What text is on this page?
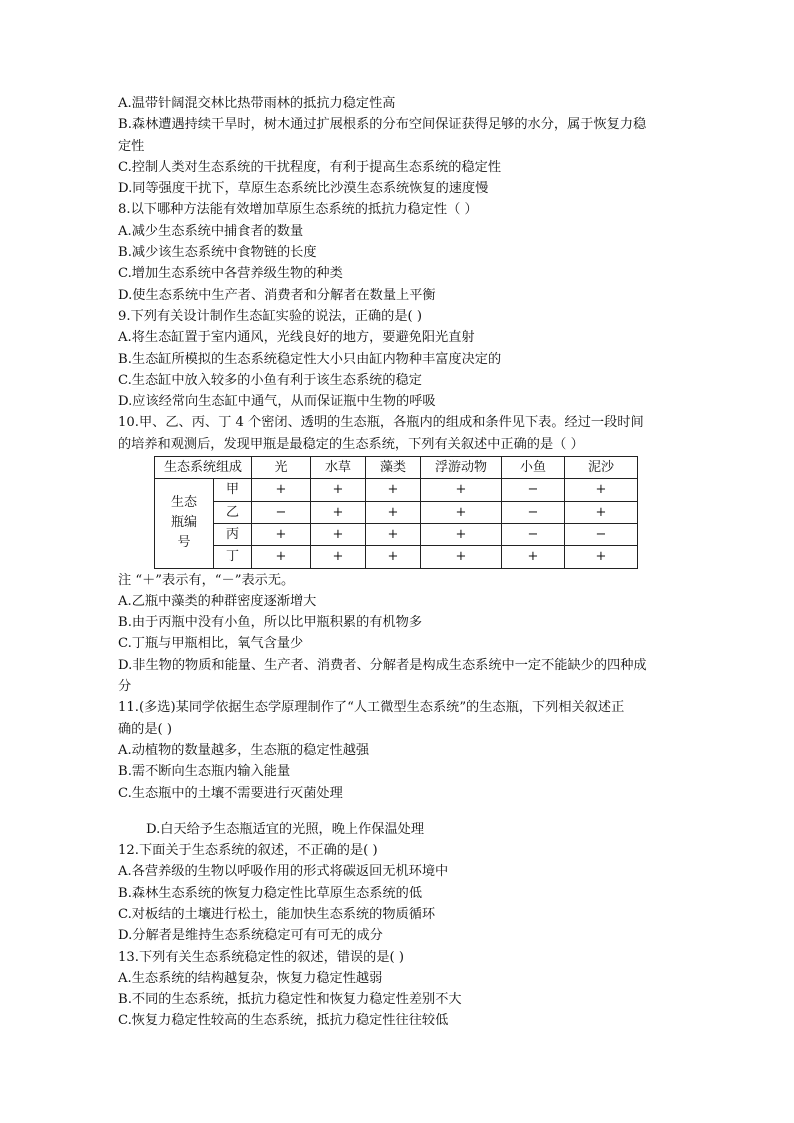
A.温带针阔混交林比热带雨林的抵抗力稳定性高
B.森林遭遇持续干旱时，树木通过扩展根系的分布空间保证获得足够的水分，属于恢复力稳
定性
C.控制人类对生态系统的干扰程度，有利于提高生态系统的稳定性
D.同等强度干扰下，草原生态系统比沙漠生态系统恢复的速度慢
8.以下哪种方法能有效增加草原生态系统的抵抗力稳定性（ ）
A.减少生态系统中捕食者的数量
B.减少该生态系统中食物链的长度
C.增加生态系统中各营养级生物的种类
D.使生态系统中生产者、消费者和分解者在数量上平衡
9.下列有关设计制作生态缸实验的说法，正确的是( )
A.将生态缸置于室内通风，光线良好的地方，要避免阳光直射
B.生态缸所模拟的生态系统稳定性大小只由缸内物种丰富度决定的
C.生态缸中放入较多的小鱼有利于该生态系统的稳定
D.应该经常向生态缸中通气，从而保证瓶中生物的呼吸
10.甲、乙、丙、丁 4 个密闭、透明的生态瓶，各瓶内的组成和条件见下表。经过一段时间
的培养和观测后，发现甲瓶是最稳定的生态系统，下列有关叙述中正确的是（ ）
生态系统组成		光	水草	藻类	浮游动物	小鱼	泥沙

生态
瓶编
号	甲	+	+	+	+	−	+
	乙	−	+	+	+	−	+
	丙	+	+	+	+	−	−
	丁	+	+	+	+	+	+
注 “＋”表示有，“－”表示无。
A.乙瓶中藻类的种群密度逐渐增大
B.由于丙瓶中没有小鱼，所以比甲瓶积累的有机物多
C.丁瓶与甲瓶相比，氧气含量少
D.非生物的物质和能量、生产者、消费者、分解者是构成生态系统中一定不能缺少的四种成
分
11.(多选)某同学依据生态学原理制作了“人工微型生态系统”的生态瓶，下列相关叙述正
确的是( )
A.动植物的数量越多，生态瓶的稳定性越强
B.需不断向生态瓶内输入能量
C.生态瓶中的土壤不需要进行灭菌处理
D.白天给予生态瓶适宜的光照，晚上作保温处理
12.下面关于生态系统的叙述，不正确的是( )
A.各营养级的生物以呼吸作用的形式将碳返回无机环境中
B.森林生态系统的恢复力稳定性比草原生态系统的低
C.对板结的土壤进行松土，能加快生态系统的物质循环
D.分解者是维持生态系统稳定可有可无的成分
13.下列有关生态系统稳定性的叙述，错误的是( )
A.生态系统的结构越复杂，恢复力稳定性越弱
B.不同的生态系统，抵抗力稳定性和恢复力稳定性差别不大
C.恢复力稳定性较高的生态系统，抵抗力稳定性往往较低
